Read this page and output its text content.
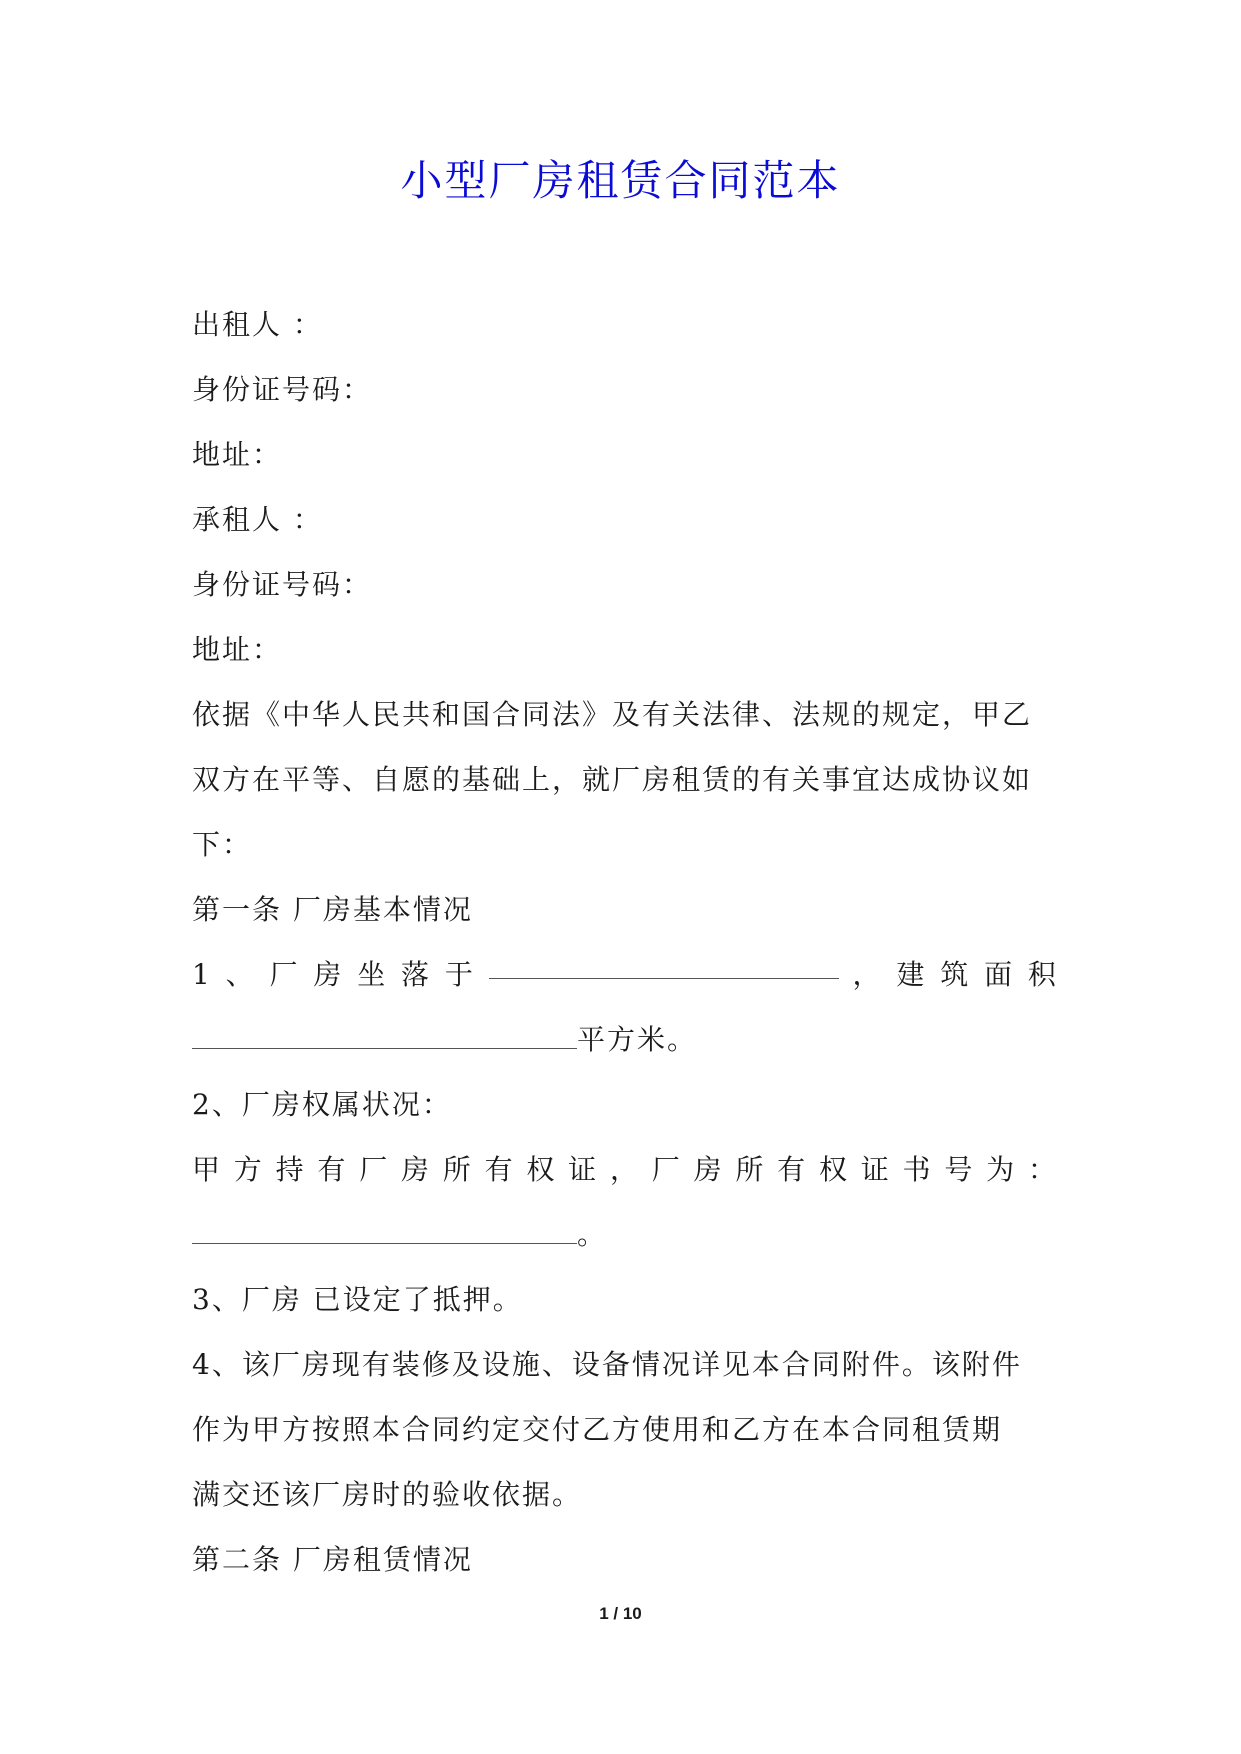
小型厂房租赁合同范本
出租人 ：
身份证号码：
地址：
承租人 ：
身份证号码：
地址：
依据《中华人民共和国合同法》及有关法律、法规的规定，甲乙
双方在平等、自愿的基础上，就厂房租赁的有关事宜达成协议如
下：
第一条 厂房基本情况
1 、 厂 房 坐 落 于	， 建 筑 面 积
平方米。
2、厂房权属状况：
甲 方 持 有 厂 房 所 有 权 证 ， 厂 房 所 有 权 证 书 号 为 ：
。
3、厂房 已设定了抵押。
4、该厂房现有装修及设施、设备情况详见本合同附件。该附件
作为甲方按照本合同约定交付乙方使用和乙方在本合同租赁期
满交还该厂房时的验收依据。
第二条 厂房租赁情况
1 / 10
